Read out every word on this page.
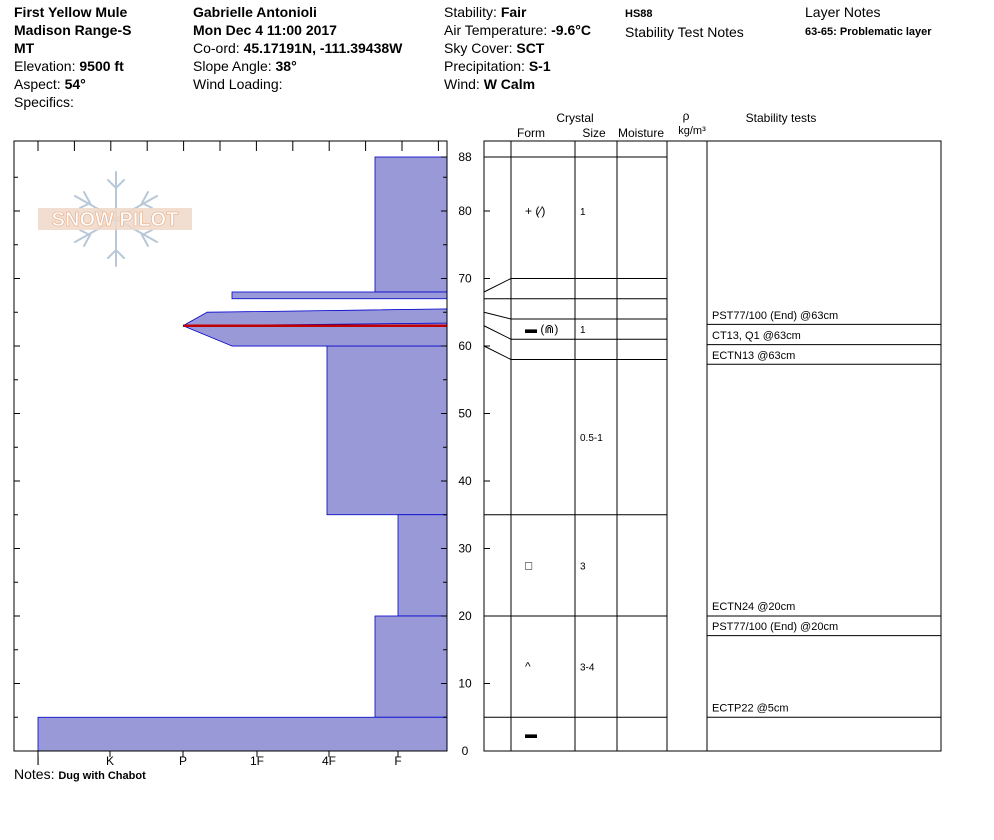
First Yellow Mule
Madison Range-S
MT
Elevation: 9500 ft
Aspect: 54°
Specifics:
Gabrielle Antonioli
Mon Dec 4 11:00 2017
Co-ord: 45.17191N, -111.39438W
Slope Angle: 38°
Wind Loading:
Stability: Fair
Air Temperature: -9.6°C
Sky Cover: SCT
Precipitation: S-1
Wind: W Calm
HS88
Stability Test Notes
Layer Notes
63-65: Problematic layer
SNOW PILOT
Crystal
Form	Size Moisture
ρ
kg/m³
Stability tests
0
10
20
30
40
50
60
70
80
88
I	K	P	1F	4F	F
+ (⁄)	1
▬ (⋒) 1
0.5-1
□	3
^	3-4
▬
PST77/100 (End) @63cm
CT13, Q1 @63cm
ECTN13 @63cm
ECTN24 @20cm
PST77/100 (End) @20cm
ECTP22 @5cm
Notes: Dug with Chabot
